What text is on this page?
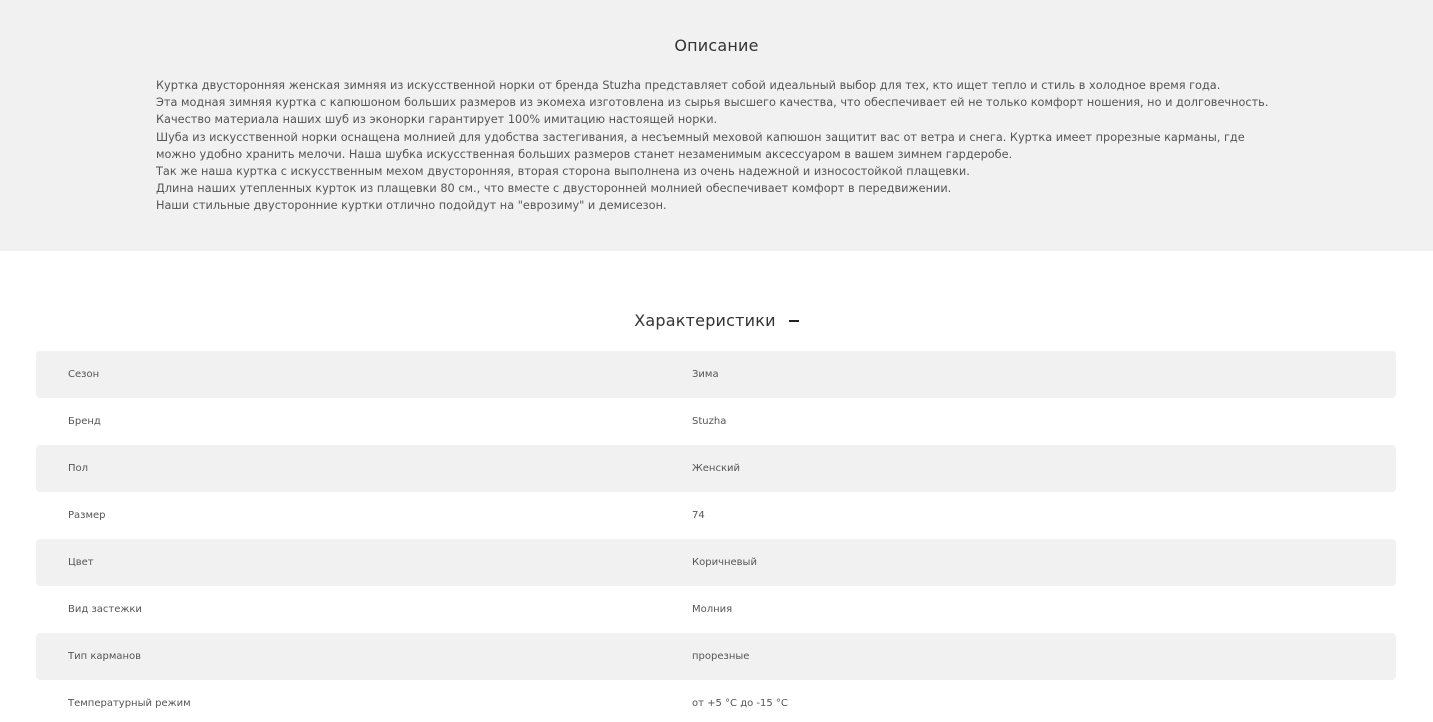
Описание
Куртка двусторонняя женская зимняя из искусственной норки от бренда Stuzha представляет собой идеальный выбор для тех, кто ищет тепло и стиль в холодное время года.
Эта модная зимняя куртка с капюшоном больших размеров из экомеха изготовлена из сырья высшего качества, что обеспечивает ей не только комфорт ношения, но и долговечность. Качество материала наших шуб из эконорки гарантирует 100% имитацию настоящей норки.
Шуба из искусственной норки оснащена молнией для удобства застегивания, а несъемный меховой капюшон защитит вас от ветра и снега. Куртка имеет прорезные карманы, где можно удобно хранить мелочи. Наша шубка искусственная больших размеров станет незаменимым аксессуаром в вашем зимнем гардеробе.
Так же наша куртка с искусственным мехом двусторонняя, вторая сторона выполнена из очень надежной и износостойкой плащевки.
Длина наших утепленных курток из плащевки 80 см., что вместе с двусторонней молнией обеспечивает комфорт в передвижении.
Наши стильные двусторонние куртки отлично подойдут на "еврозиму" и демисезон.
Характеристики
Сезон	Зима
Бренд	Stuzha
Пол	Женский
Размер	74
Цвет	Коричневый
Вид застежки	Молния
Тип карманов	прорезные
Температурный режим	от +5 °C до -15 °C
